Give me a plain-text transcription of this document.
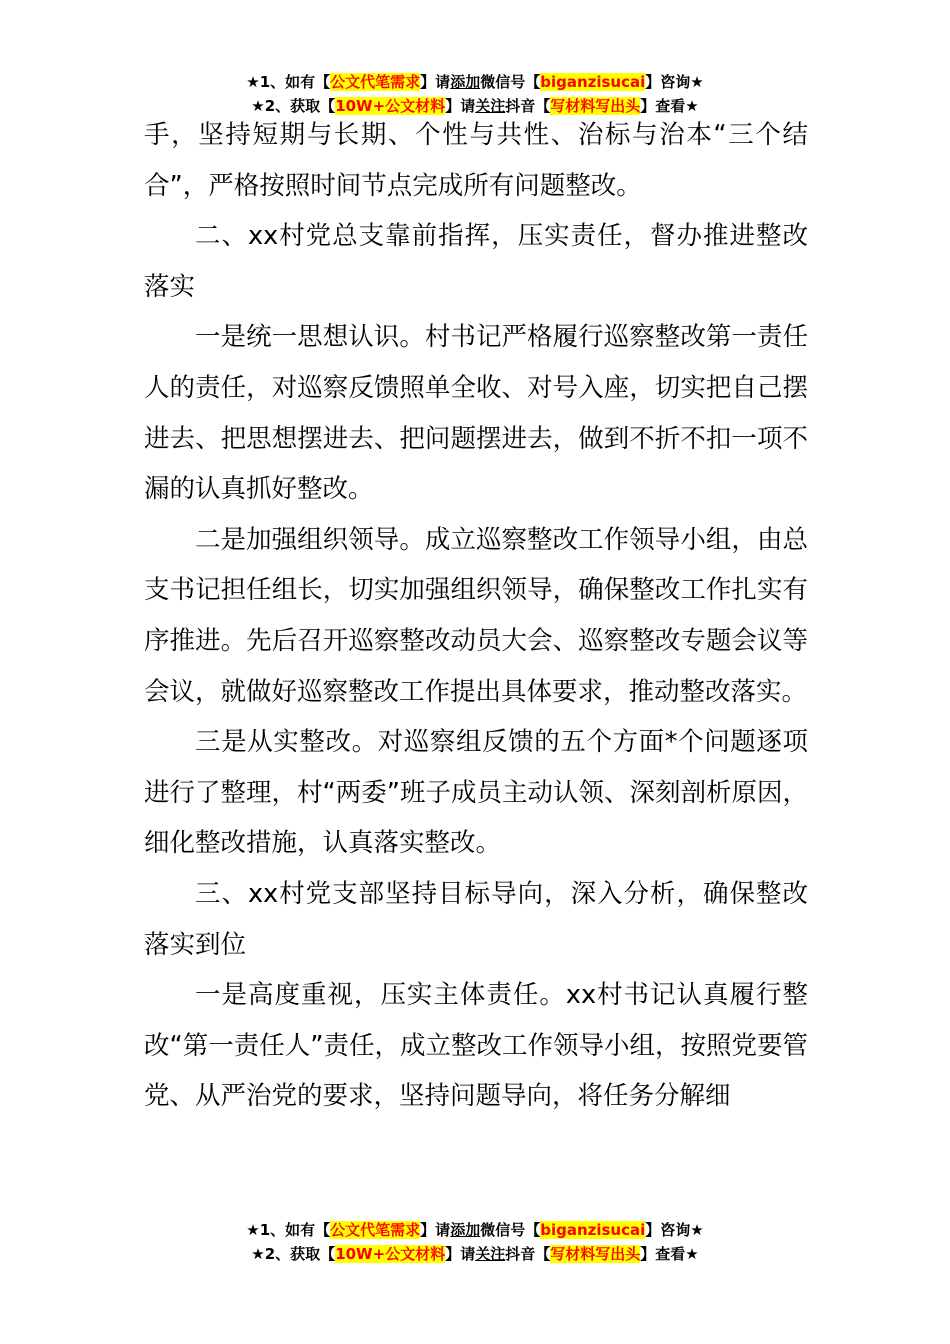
★1、如有【公文代笔需求】请添加微信号【biganzisucai】咨询★
★2、获取【10W+公文材料】请关注抖音【写材料写出头】查看★

手，坚持短期与长期、个性与共性、治标与治本“三个结合”，严格按照时间节点完成所有问题整改。

二、xx村党总支靠前指挥，压实责任，督办推进整改落实

一是统一思想认识。村书记严格履行巡察整改第一责任人的责任，对巡察反馈照单全收、对号入座，切实把自己摆进去、把思想摆进去、把问题摆进去，做到不折不扣一项不漏的认真抓好整改。

二是加强组织领导。成立巡察整改工作领导小组，由总支书记担任组长，切实加强组织领导，确保整改工作扎实有序推进。先后召开巡察整改动员大会、巡察整改专题会议等会议，就做好巡察整改工作提出具体要求，推动整改落实。

三是从实整改。对巡察组反馈的五个方面*个问题逐项进行了整理，村“两委”班子成员主动认领、深刻剖析原因，细化整改措施，认真落实整改。

三、xx村党支部坚持目标导向，深入分析，确保整改落实到位

一是高度重视，压实主体责任。xx村书记认真履行整改“第一责任人”责任，成立整改工作领导小组，按照党要管党、从严治党的要求，坚持问题导向，将任务分解细

★1、如有【公文代笔需求】请添加微信号【biganzisucai】咨询★
★2、获取【10W+公文材料】请关注抖音【写材料写出头】查看★
